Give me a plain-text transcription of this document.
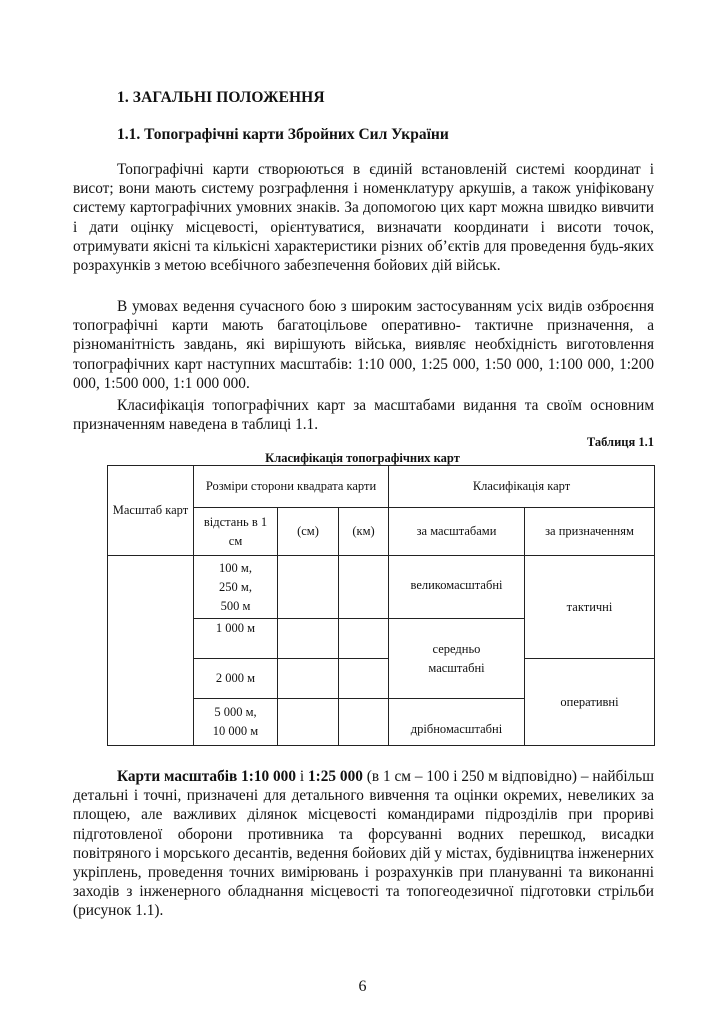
1. ЗАГАЛЬНІ ПОЛОЖЕННЯ
1.1. Топографічні карти Збройних Сил України

Топографічні карти створюються в єдиній встановленій системі координат і висот; вони мають систему розграфлення і номенклатуру аркушів, а також уніфіковану систему картографічних умовних знаків. За допомогою цих карт можна швидко вивчити і дати оцінку місцевості, орієнтуватися, визначати координати і висоти точок, отримувати якісні та кількісні характеристики різних об’єктів для проведення будь-яких розрахунків з метою всебічного забезпечення бойових дій військ.

В умовах ведення сучасного бою з широким застосуванням усіх видів озброєння топографічні карти мають багатоцільове оперативно- тактичне призначення, а різноманітність завдань, які вирішують війська, виявляє необхідність виготовлення топографічних карт наступних масштабів: 1:10 000, 1:25 000, 1:50 000, 1:100 000, 1:200 000, 1:500 000, 1:1 000 000.

Класифікація топографічних карт за масштабами видання та своїм основним призначенням наведена в таблиці 1.1.

Таблиця 1.1
Класифікація топографічних карт
Масштаб карт	Розміри сторони квадрата карти			Класифікація карт	
	відстань в 1 см	(см)	(км)	за масштабами	за призначенням
	100 м,
250 м,
500 м			великомасштабні	тактичні
	1 000 м			середньо
масштабні	
	2 000 м				оперативні
	5 000 м,
10 000 м			дрібномасштабні	

Карти масштабів 1:10 000 і 1:25 000 (в 1 см – 100 і 250 м відповідно) – найбільш детальні і точні, призначені для детального вивчення та оцінки окремих, невеликих за площею, але важливих ділянок місцевості командирами підрозділів при прориві підготовленої оборони противника та форсуванні водних перешкод, висадки повітряного і морського десантів, ведення бойових дій у містах, будівництва інженерних укріплень, проведення точних вимірювань і розрахунків при плануванні та виконанні заходів з інженерного обладнання місцевості та топогеодезичної підготовки стрільби (рисунок 1.1).

6
